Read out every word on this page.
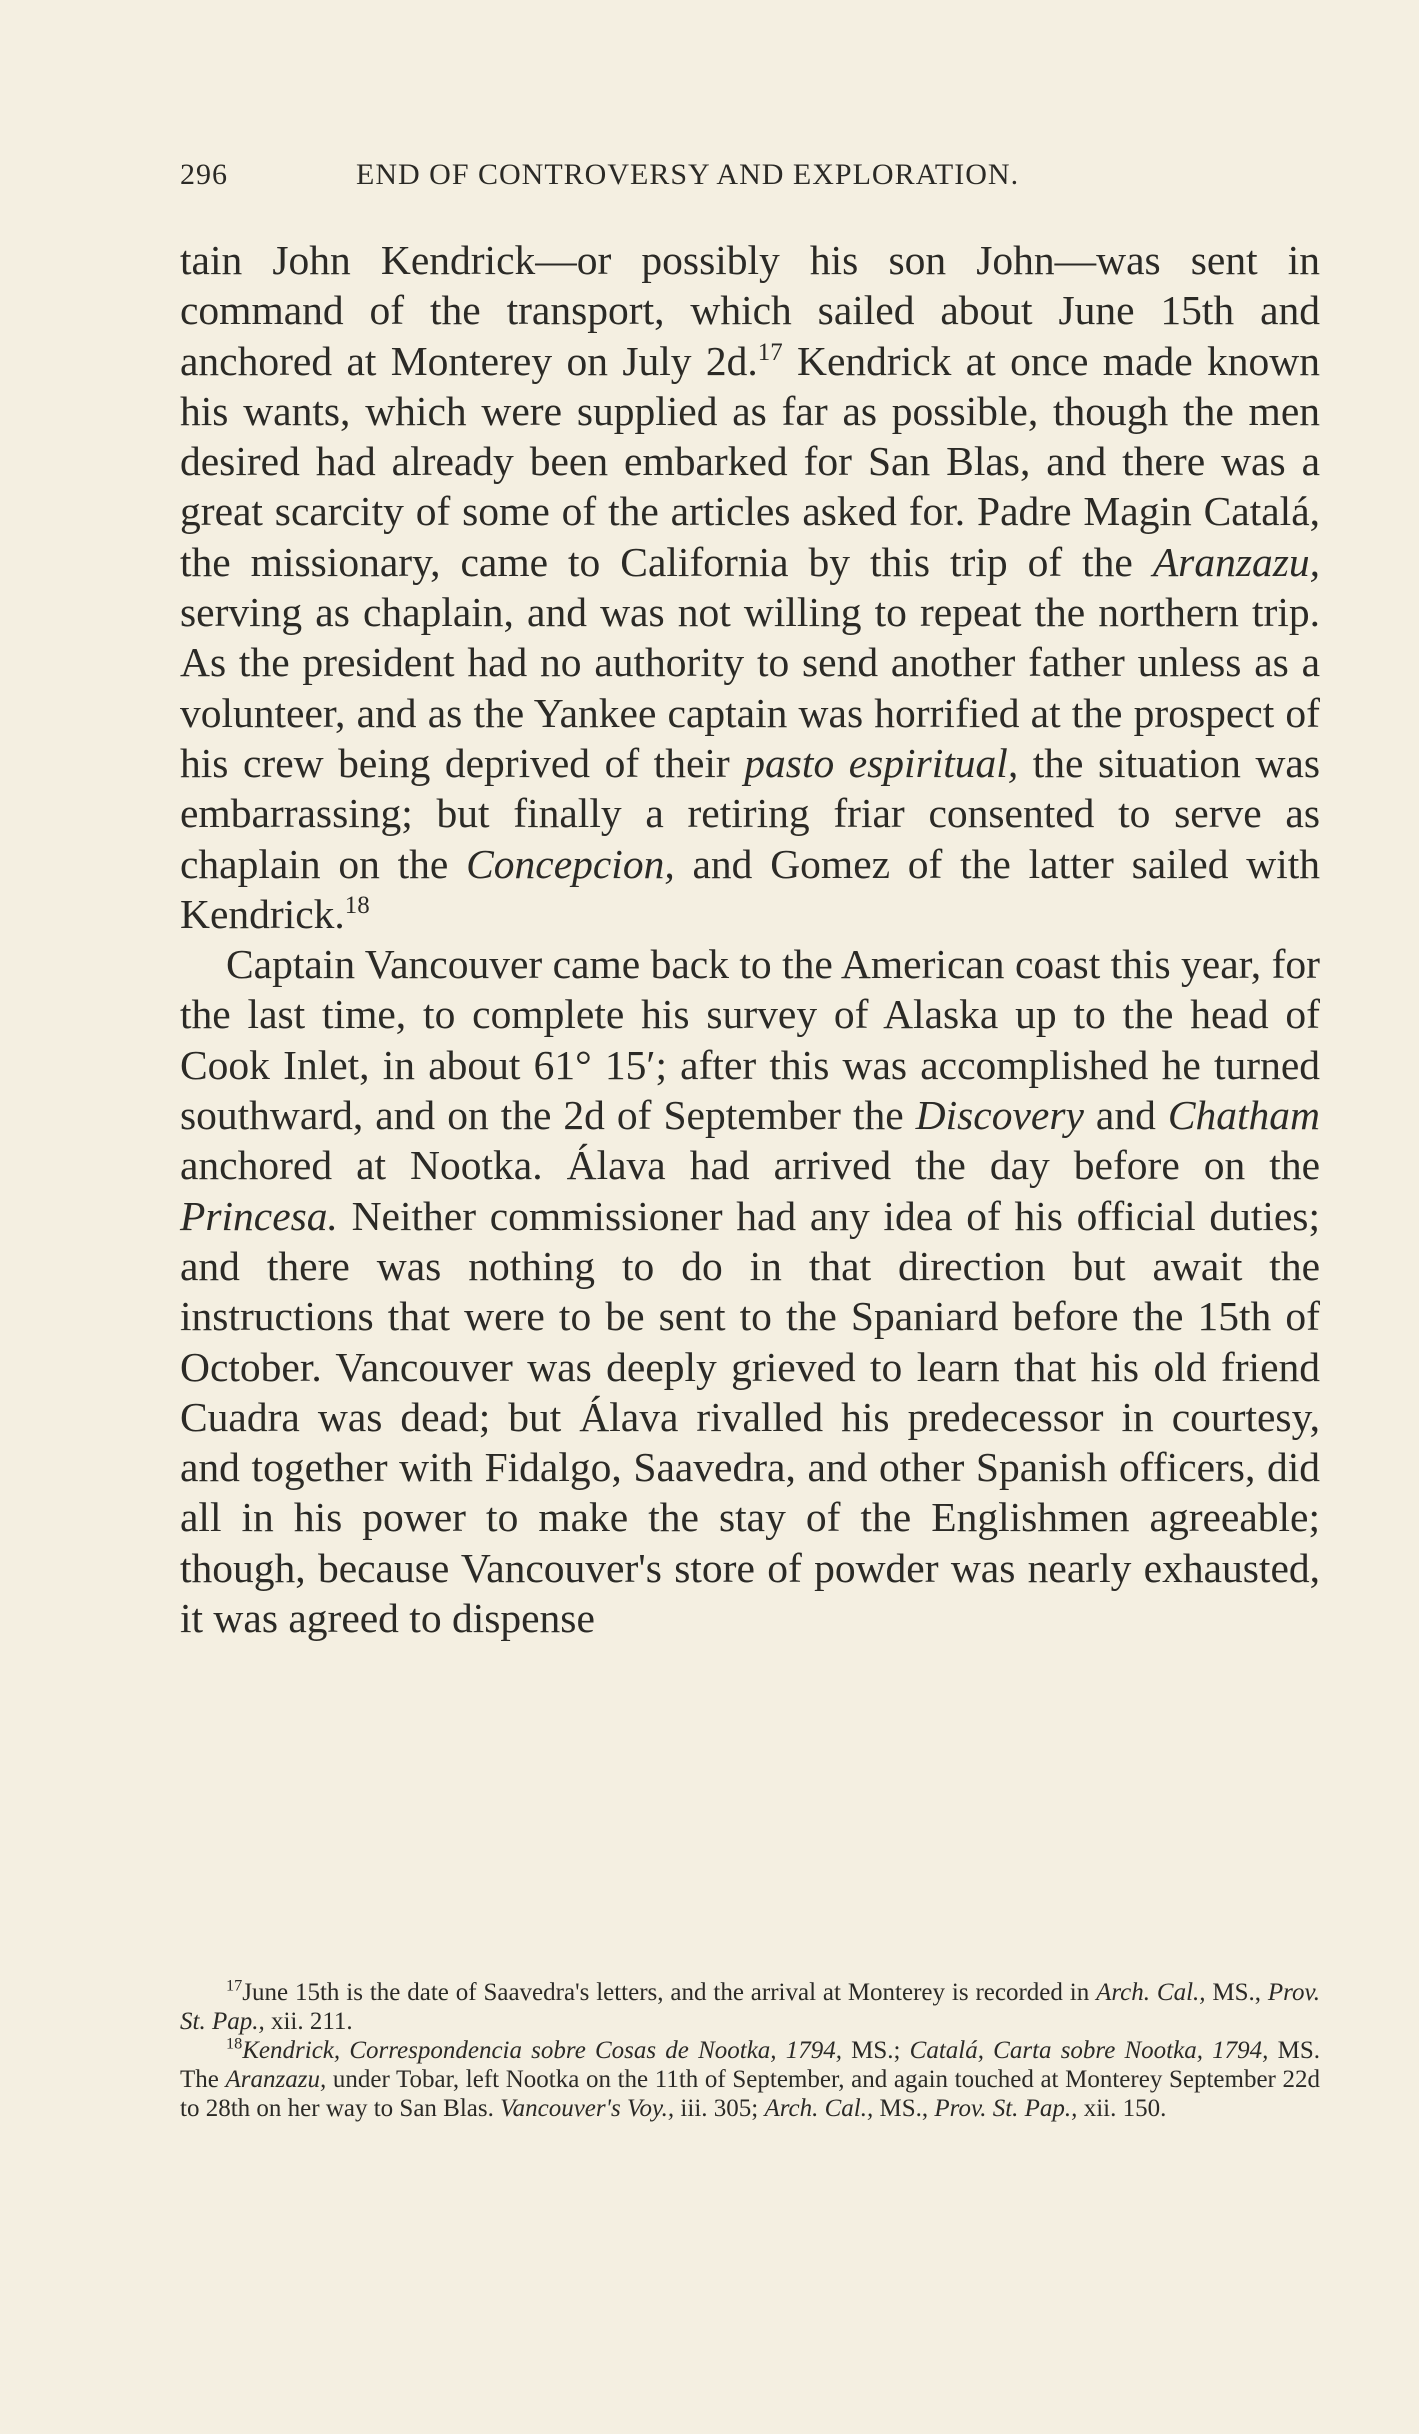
296	END OF CONTROVERSY AND EXPLORATION.

tain John Kendrick—or possibly his son John—was sent in command of the transport, which sailed about June 15th and anchored at Monterey on July 2d.$^{17}$ Kendrick at once made known his wants, which were supplied as far as possible, though the men desired had already been embarked for San Blas, and there was a great scarcity of some of the articles asked for. Padre Magin Catalá, the missionary, came to California by this trip of the Aranzazu, serving as chaplain, and was not willing to repeat the northern trip. As the president had no authority to send another father unless as a volunteer, and as the Yankee captain was horrified at the prospect of his crew being deprived of their pasto espiritual, the situation was embarrassing; but finally a retiring friar consented to serve as chaplain on the Concepcion, and Gomez of the latter sailed with Kendrick.$^{18}$

Captain Vancouver came back to the American coast this year, for the last time, to complete his survey of Alaska up to the head of Cook Inlet, in about 61° 15′; after this was accomplished he turned southward, and on the 2d of September the Discovery and Chatham anchored at Nootka. Álava had arrived the day before on the Princesa. Neither commissioner had any idea of his official duties; and there was nothing to do in that direction but await the instructions that were to be sent to the Spaniard before the 15th of October. Vancouver was deeply grieved to learn that his old friend Cuadra was dead; but Álava rivalled his predecessor in courtesy, and together with Fidalgo, Saavedra, and other Spanish officers, did all in his power to make the stay of the Englishmen agreeable; though, because Vancouver's store of powder was nearly exhausted, it was agreed to dispense

$^{17}$June 15th is the date of Saavedra's letters, and the arrival at Monterey is recorded in Arch. Cal., MS., Prov. St. Pap., xii. 211.

$^{18}$Kendrick, Correspondencia sobre Cosas de Nootka, 1794, MS.; Catalá, Carta sobre Nootka, 1794, MS. The Aranzazu, under Tobar, left Nootka on the 11th of September, and again touched at Monterey September 22d to 28th on her way to San Blas. Vancouver's Voy., iii. 305; Arch. Cal., MS., Prov. St. Pap., xii. 150.
